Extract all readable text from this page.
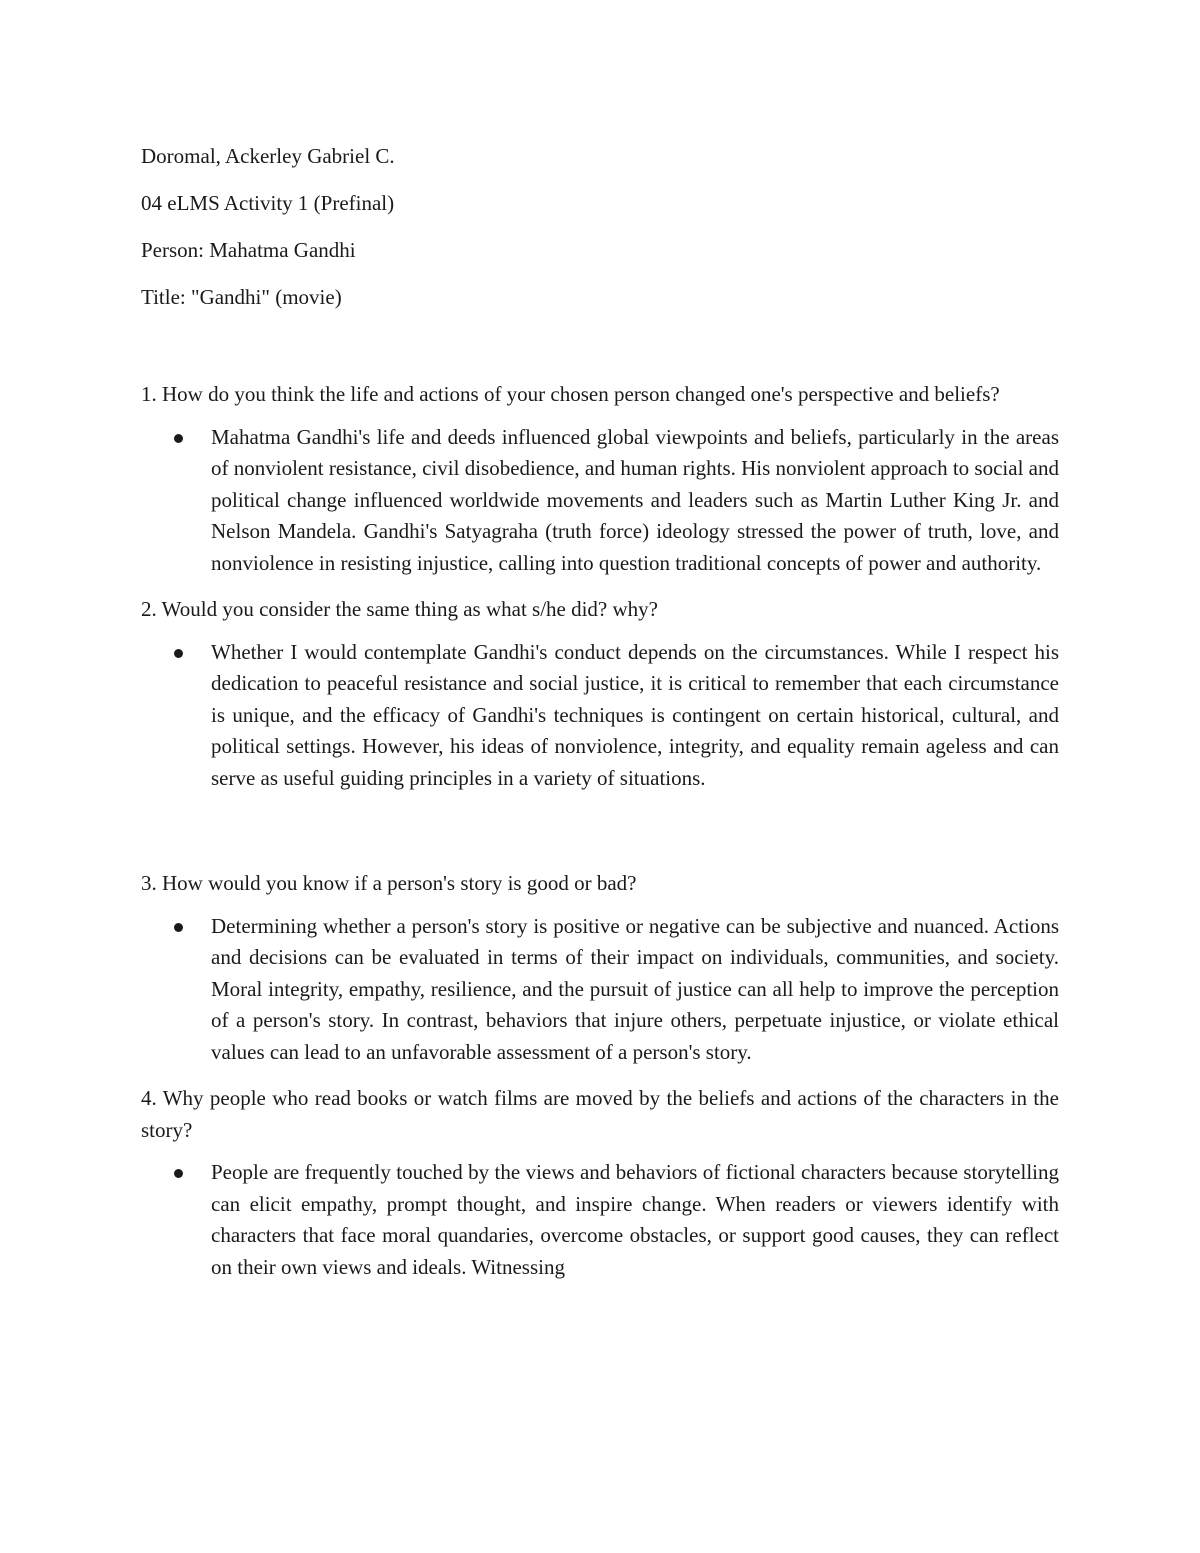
Doromal, Ackerley Gabriel C.
04 eLMS Activity 1 (Prefinal)
Person: Mahatma Gandhi
Title: "Gandhi" (movie)

1. How do you think the life and actions of your chosen person changed one's perspective and beliefs?

Mahatma Gandhi's life and deeds influenced global viewpoints and beliefs, particularly in the areas of nonviolent resistance, civil disobedience, and human rights. His nonviolent approach to social and political change influenced worldwide movements and leaders such as Martin Luther King Jr. and Nelson Mandela. Gandhi's Satyagraha (truth force) ideology stressed the power of truth, love, and nonviolence in resisting injustice, calling into question traditional concepts of power and authority.

2. Would you consider the same thing as what s/he did? why?

Whether I would contemplate Gandhi's conduct depends on the circumstances. While I respect his dedication to peaceful resistance and social justice, it is critical to remember that each circumstance is unique, and the efficacy of Gandhi's techniques is contingent on certain historical, cultural, and political settings. However, his ideas of nonviolence, integrity, and equality remain ageless and can serve as useful guiding principles in a variety of situations.

3. How would you know if a person's story is good or bad?

Determining whether a person's story is positive or negative can be subjective and nuanced. Actions and decisions can be evaluated in terms of their impact on individuals, communities, and society. Moral integrity, empathy, resilience, and the pursuit of justice can all help to improve the perception of a person's story. In contrast, behaviors that injure others, perpetuate injustice, or violate ethical values can lead to an unfavorable assessment of a person's story.

4. Why people who read books or watch films are moved by the beliefs and actions of the characters in the story?

People are frequently touched by the views and behaviors of fictional characters because storytelling can elicit empathy, prompt thought, and inspire change. When readers or viewers identify with characters that face moral quandaries, overcome obstacles, or support good causes, they can reflect on their own views and ideals. Witnessing
